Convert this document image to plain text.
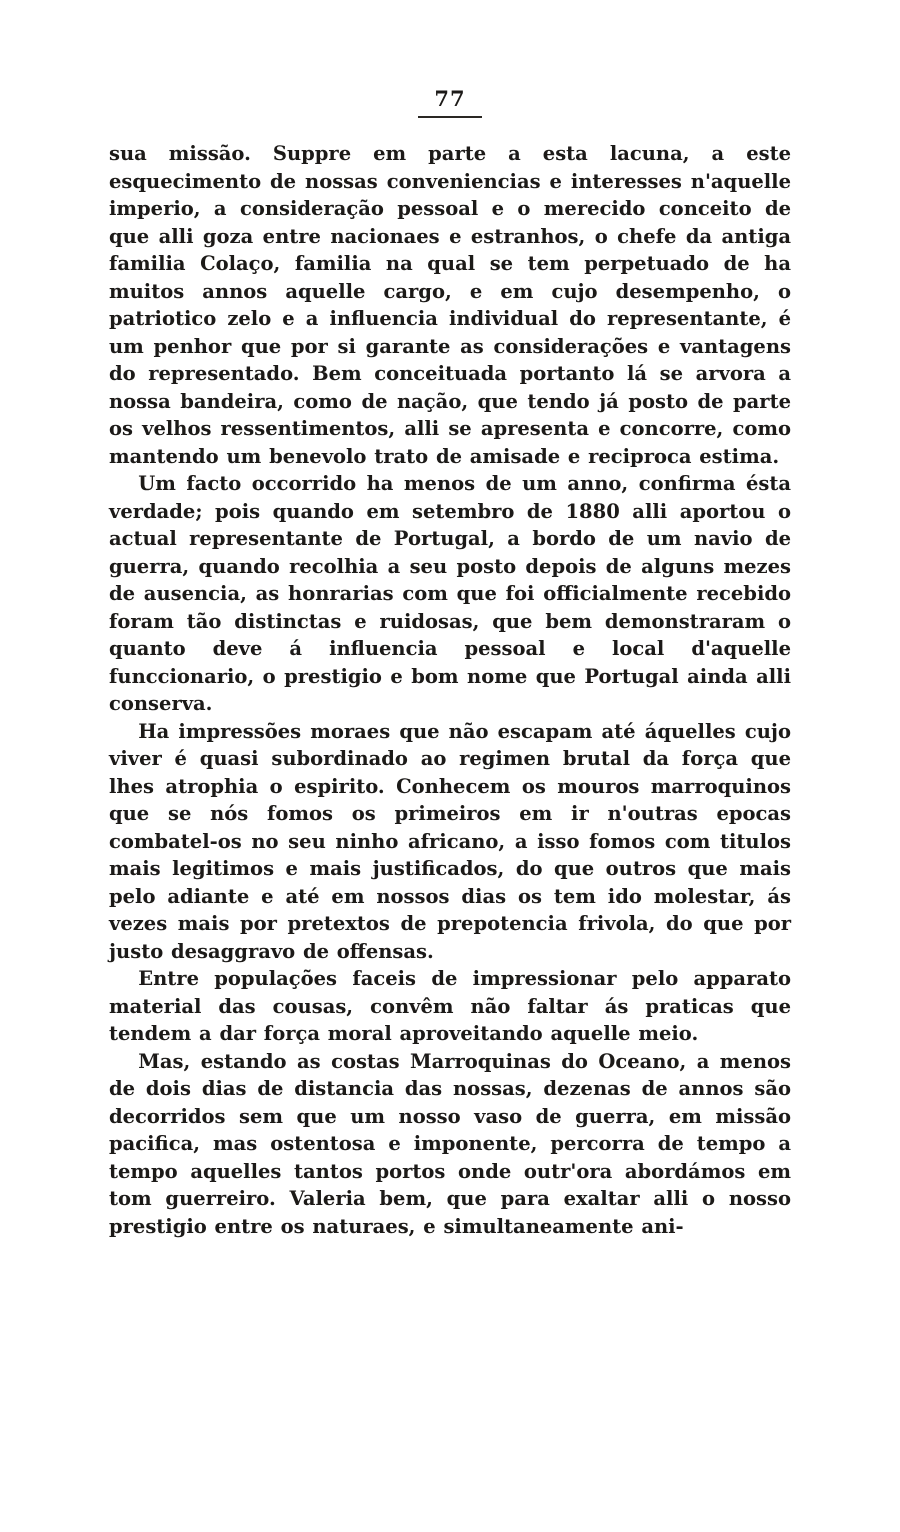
77

sua missão. Suppre em parte a esta lacuna, a este esquecimento de nossas conveniencias e interesses n'aquelle imperio, a consideração pessoal e o merecido conceito de que alli goza entre nacionaes e estranhos, o chefe da antiga familia Colaço, familia na qual se tem perpetuado de ha muitos annos aquelle cargo, e em cujo desempenho, o patriotico zelo e a influencia individual do representante, é um penhor que por si garante as considerações e vantagens do representado. Bem conceituada portanto lá se arvora a nossa bandeira, como de nação, que tendo já posto de parte os velhos ressentimentos, alli se apresenta e concorre, como mantendo um benevolo trato de amisade e reciproca estima.

Um facto occorrido ha menos de um anno, confirma ésta verdade; pois quando em setembro de 1880 alli aportou o actual representante de Portugal, a bordo de um navio de guerra, quando recolhia a seu posto depois de alguns mezes de ausencia, as honrarias com que foi officialmente recebido foram tão distinctas e ruidosas, que bem demonstraram o quanto deve á influencia pessoal e local d'aquelle funccionario, o prestigio e bom nome que Portugal ainda alli conserva.

Ha impressões moraes que não escapam até áquelles cujo viver é quasi subordinado ao regimen brutal da força que lhes atrophia o espirito. Conhecem os mouros marroquinos que se nós fomos os primeiros em ir n'outras epocas combatel-os no seu ninho africano, a isso fomos com titulos mais legitimos e mais justificados, do que outros que mais pelo adiante e até em nossos dias os tem ido molestar, ás vezes mais por pretextos de prepotencia frivola, do que por justo desaggravo de offensas.

Entre populações faceis de impressionar pelo apparato material das cousas, convêm não faltar ás praticas que tendem a dar força moral aproveitando aquelle meio.

Mas, estando as costas Marroquinas do Oceano, a menos de dois dias de distancia das nossas, dezenas de annos são decorridos sem que um nosso vaso de guerra, em missão pacifica, mas ostentosa e imponente, percorra de tempo a tempo aquelles tantos portos onde outr'ora abordámos em tom guerreiro. Valeria bem, que para exaltar alli o nosso prestigio entre os naturaes, e simultaneamente ani-
